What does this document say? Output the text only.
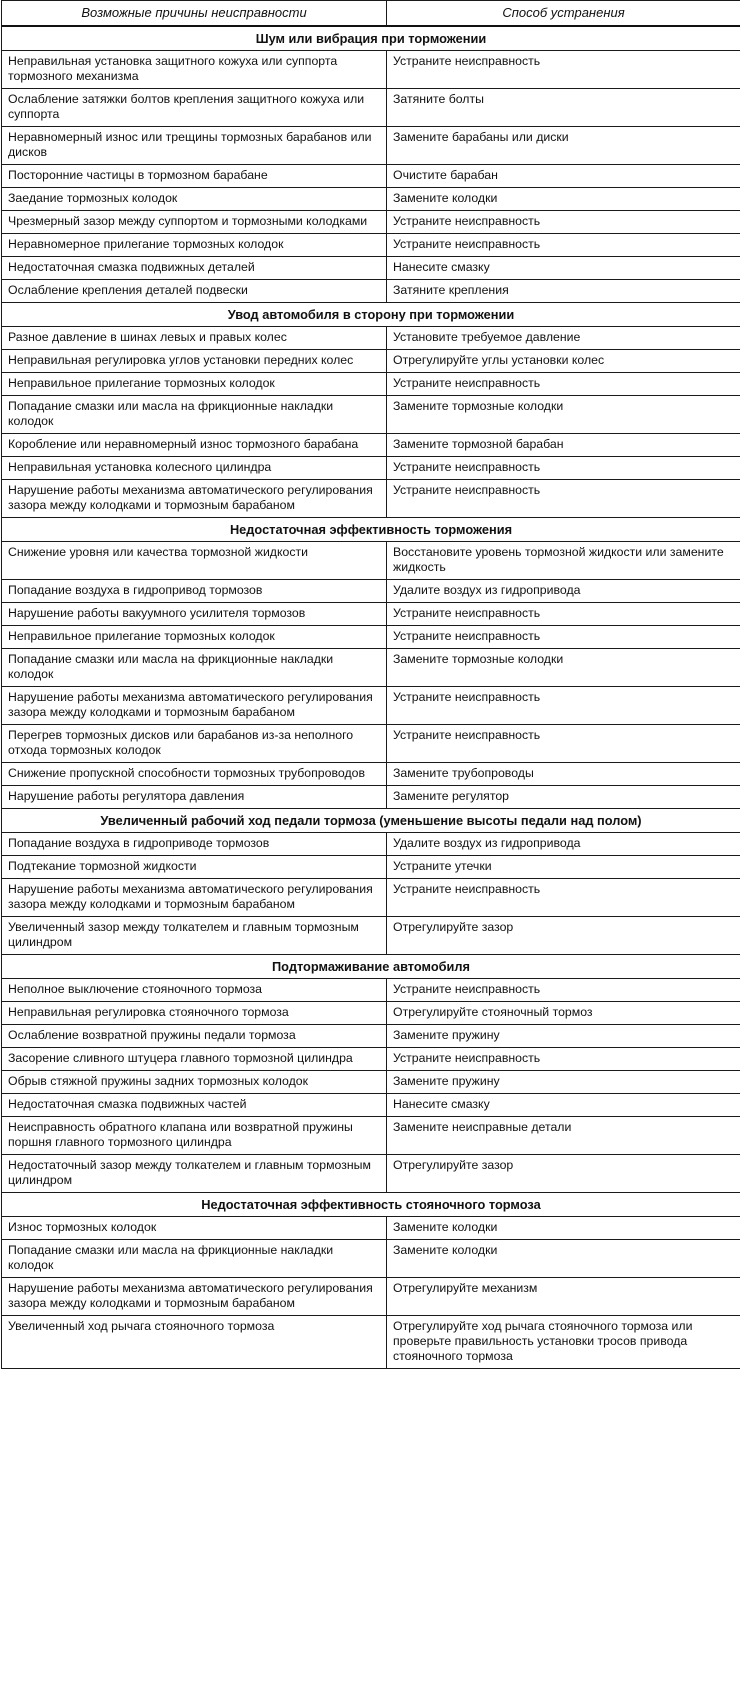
Возможные причины неисправности	Способ устранения
Шум или вибрация при торможении	
Неправильная установка защитного кожуха или суппорта тормозного механизма	Устраните неисправность
Ослабление затяжки болтов крепления защитного кожуха или суппорта	Затяните болты
Неравномерный износ или трещины тормозных барабанов или дисков	Замените барабаны или диски
Посторонние частицы в тормозном барабане	Очистите барабан
Заедание тормозных колодок	Замените колодки
Чрезмерный зазор между суппортом и тормозными колодками	Устраните неисправность
Неравномерное прилегание тормозных колодок	Устраните неисправность
Недостаточная смазка подвижных деталей	Нанесите смазку
Ослабление крепления деталей подвески	Затяните крепления
Увод автомобиля в сторону при торможении	
Разное давление в шинах левых и правых колес	Установите требуемое давление
Неправильная регулировка углов установки передних колес	Отрегулируйте углы установки колес
Неправильное прилегание тормозных колодок	Устраните неисправность
Попадание смазки или масла на фрикционные накладки колодок	Замените тормозные колодки
Коробление или неравномерный износ тормозного барабана	Замените тормозной барабан
Неправильная установка колесного цилиндра	Устраните неисправность
Нарушение работы механизма автоматического регулирования зазора между колодками и тормозным барабаном	Устраните неисправность
Недостаточная эффективность торможения	
Снижение уровня или качества тормозной жидкости	Восстановите уровень тормозной жидкости или замените жидкость
Попадание воздуха в гидропривод тормозов	Удалите воздух из гидропривода
Нарушение работы вакуумного усилителя тормозов	Устраните неисправность
Неправильное прилегание тормозных колодок	Устраните неисправность
Попадание смазки или масла на фрикционные накладки колодок	Замените тормозные колодки
Нарушение работы механизма автоматического регулирования зазора между колодками и тормозным барабаном	Устраните неисправность
Перегрев тормозных дисков или барабанов из-за неполного отхода тормозных колодок	Устраните неисправность
Снижение пропускной способности тормозных трубопроводов	Замените трубопроводы
Нарушение работы регулятора давления	Замените регулятор
Увеличенный рабочий ход педали тормоза (уменьшение высоты педали над полом)	
Попадание воздуха в гидроприводе тормозов	Удалите воздух из гидропривода
Подтекание тормозной жидкости	Устраните утечки
Нарушение работы механизма автоматического регулирования зазора между колодками и тормозным барабаном	Устраните неисправность
Увеличенный зазор между толкателем и главным тормозным цилиндром	Отрегулируйте зазор
Подтормаживание автомобиля	
Неполное выключение стояночного тормоза	Устраните неисправность
Неправильная регулировка стояночного тормоза	Отрегулируйте стояночный тормоз
Ослабление возвратной пружины педали тормоза	Замените пружину
Засорение сливного штуцера главного тормозной цилиндра	Устраните неисправность
Обрыв стяжной пружины задних тормозных колодок	Замените пружину
Недостаточная смазка подвижных частей	Нанесите смазку
Неисправность обратного клапана или возвратной пружины поршня главного тормозного цилиндра	Замените неисправные детали
Недостаточный зазор между толкателем и главным тормозным цилиндром	Отрегулируйте зазор
Недостаточная эффективность стояночного тормоза	
Износ тормозных колодок	Замените колодки
Попадание смазки или масла на фрикционные накладки колодок	Замените колодки
Нарушение работы механизма автоматического регулирования зазора между колодками и тормозным барабаном	Отрегулируйте механизм
Увеличенный ход рычага стояночного тормоза	Отрегулируйте ход рычага стояночного тормоза или проверьте правильность установки тросов привода стояночного тормоза
